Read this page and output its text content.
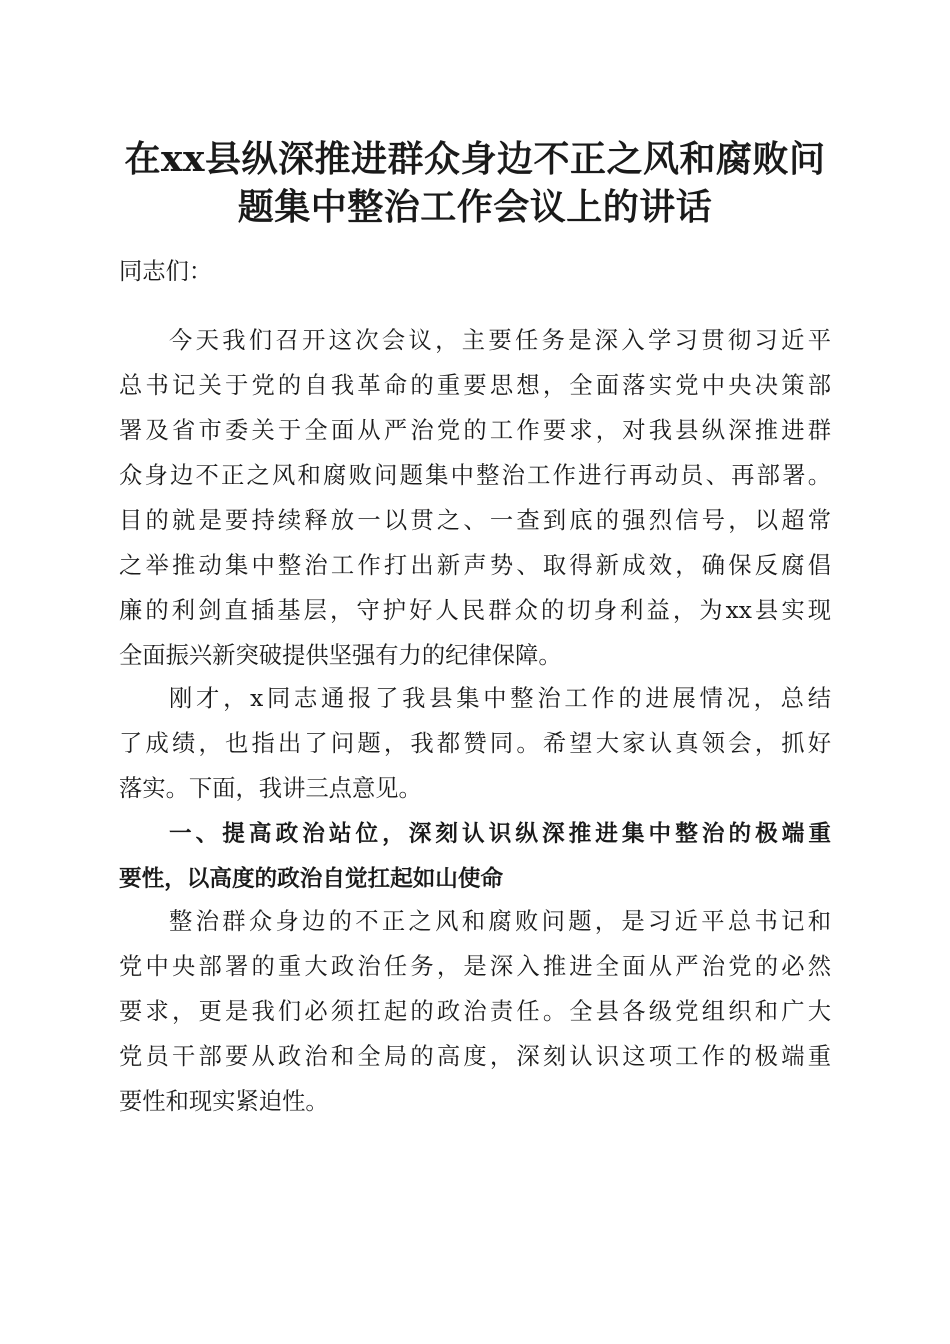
在xx县纵深推进群众身边不正之风和腐败问
题集中整治工作会议上的讲话
同志们：
今天我们召开这次会议，主要任务是深入学习贯彻习近平
总书记关于党的自我革命的重要思想，全面落实党中央决策部
署及省市委关于全面从严治党的工作要求，对我县纵深推进群
众身边不正之风和腐败问题集中整治工作进行再动员、再部署。
目的就是要持续释放一以贯之、一查到底的强烈信号，以超常
之举推动集中整治工作打出新声势、取得新成效，确保反腐倡
廉的利剑直插基层，守护好人民群众的切身利益，为xx县实现
全面振兴新突破提供坚强有力的纪律保障。
刚才，x同志通报了我县集中整治工作的进展情况，总结
了成绩，也指出了问题，我都赞同。希望大家认真领会，抓好
落实。下面，我讲三点意见。
一、提高政治站位，深刻认识纵深推进集中整治的极端重
要性，以高度的政治自觉扛起如山使命
整治群众身边的不正之风和腐败问题，是习近平总书记和
党中央部署的重大政治任务，是深入推进全面从严治党的必然
要求，更是我们必须扛起的政治责任。全县各级党组织和广大
党员干部要从政治和全局的高度，深刻认识这项工作的极端重
要性和现实紧迫性。
